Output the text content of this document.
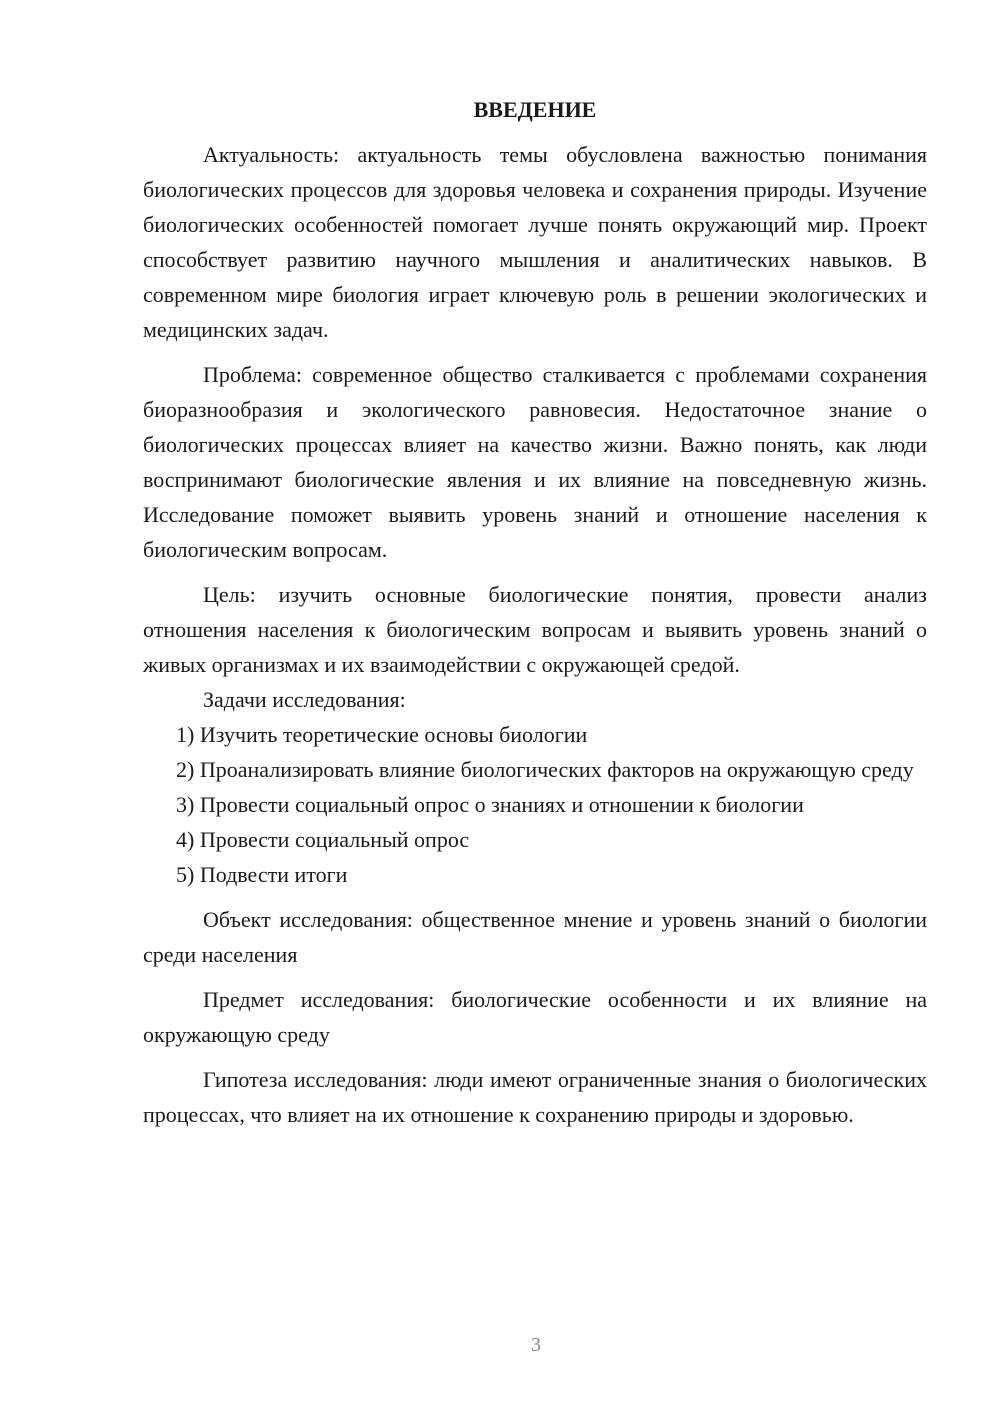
ВВЕДЕНИЕ

Актуальность: актуальность темы обусловлена важностью понимания биологических процессов для здоровья человека и сохранения природы. Изучение биологических особенностей помогает лучше понять окружающий мир. Проект способствует развитию научного мышления и аналитических навыков. В современном мире биология играет ключевую роль в решении экологических и медицинских задач.

Проблема: современное общество сталкивается с проблемами сохранения биоразнообразия и экологического равновесия. Недостаточное знание о биологических процессах влияет на качество жизни. Важно понять, как люди воспринимают биологические явления и их влияние на повседневную жизнь. Исследование поможет выявить уровень знаний и отношение населения к биологическим вопросам.

Цель: изучить основные биологические понятия, провести анализ отношения населения к биологическим вопросам и выявить уровень знаний о живых организмах и их взаимодействии с окружающей средой.

Задачи исследования:

1) Изучить теоретические основы биологии

2) Проанализировать влияние биологических факторов на окружающую среду

3) Провести социальный опрос о знаниях и отношении к биологии

4) Провести социальный опрос

5) Подвести итоги

Объект исследования: общественное мнение и уровень знаний о биологии среди населения

Предмет исследования: биологические особенности и их влияние на окружающую среду

Гипотеза исследования: люди имеют ограниченные знания о биологических процессах, что влияет на их отношение к сохранению природы и здоровью.

3
